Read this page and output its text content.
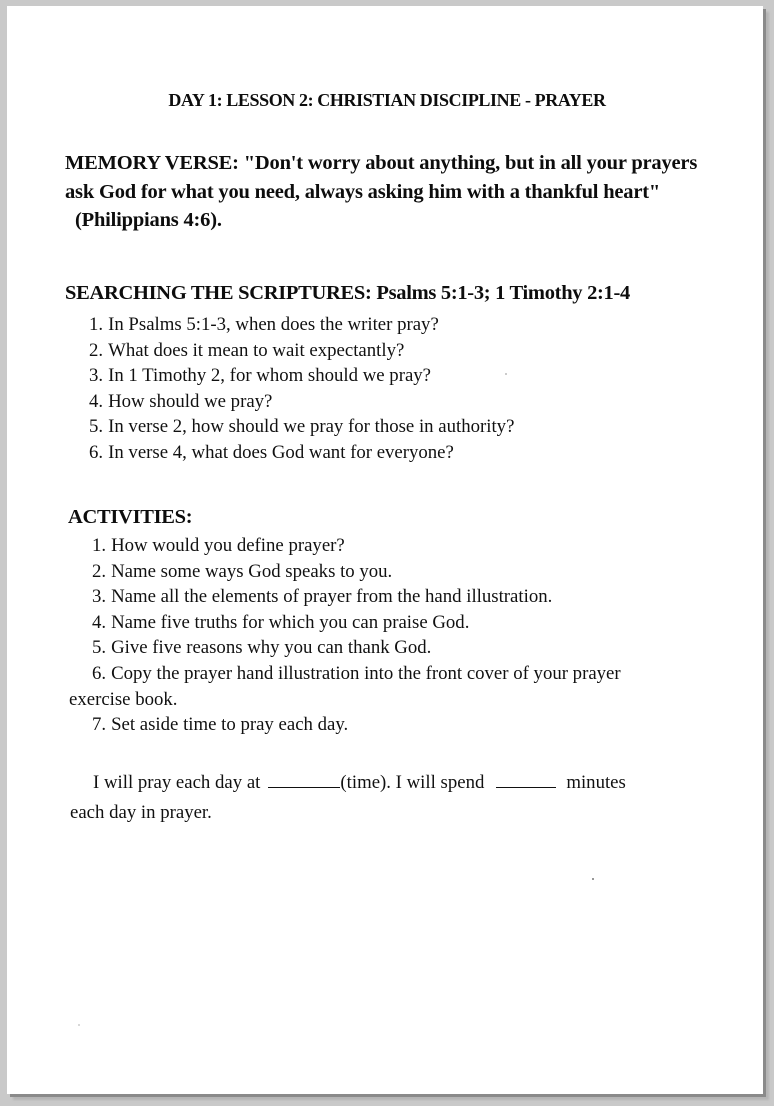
DAY 1: LESSON 2: CHRISTIAN DISCIPLINE - PRAYER
MEMORY VERSE: "Don't worry about anything, but in all your prayers ask God for what you need, always asking him with a thankful heart" (Philippians 4:6).
SEARCHING THE SCRIPTURES: Psalms 5:1-3; 1 Timothy 2:1-4
1. In Psalms 5:1-3, when does the writer pray?
2. What does it mean to wait expectantly?
3. In 1 Timothy 2, for whom should we pray?
4. How should we pray?
5. In verse 2, how should we pray for those in authority?
6. In verse 4, what does God want for everyone?
ACTIVITIES:
1. How would you define prayer?
2. Name some ways God speaks to you.
3. Name all the elements of prayer from the hand illustration.
4. Name five truths for which you can praise God.
5. Give five reasons why you can thank God.
6. Copy the prayer hand illustration into the front cover of your prayer
exercise book.
7. Set aside time to pray each day.
I will pray each day at	(time). I will spend	minutes
each day in prayer.
